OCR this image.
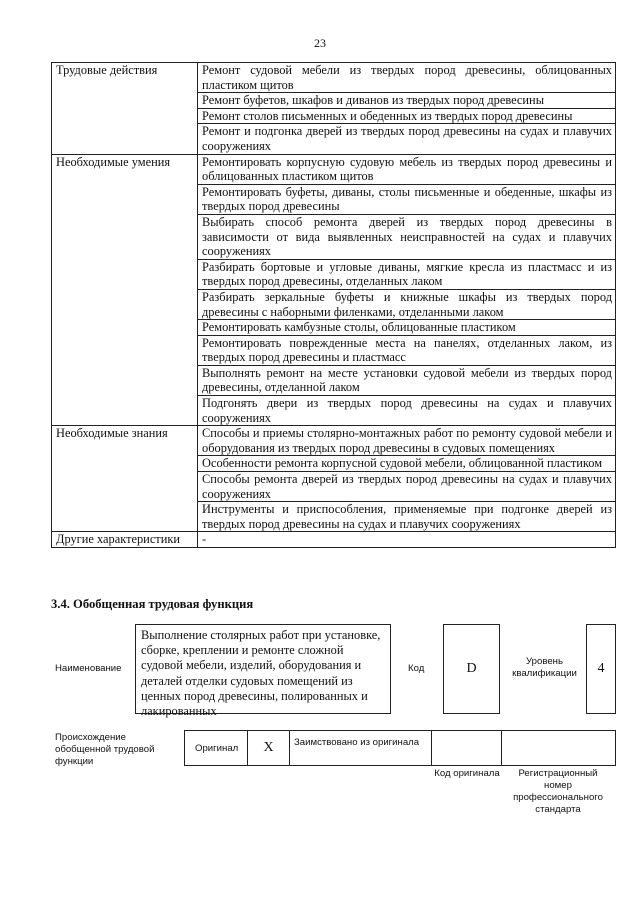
23
Трудовые действия	Ремонт судовой мебели из твердых пород древесины, облицованных пластиком щитов
	Ремонт буфетов, шкафов и диванов из твердых пород древесины
	Ремонт столов письменных и обеденных из твердых пород древесины
	Ремонт и подгонка дверей из твердых пород древесины на судах и плавучих сооружениях
Необходимые умения	Ремонтировать корпусную судовую мебель из твердых пород древесины и облицованных пластиком щитов
	Ремонтировать буфеты, диваны, столы письменные и обеденные, шкафы из твердых пород древесины
	Выбирать способ ремонта дверей из твердых пород древесины в зависимости от вида выявленных неисправностей на судах и плавучих сооружениях
	Разбирать бортовые и угловые диваны, мягкие кресла из пластмасс и из твердых пород древесины, отделанных лаком
	Разбирать зеркальные буфеты и книжные шкафы из твердых пород древесины с наборными филенками, отделанными лаком
	Ремонтировать камбузные столы, облицованные пластиком
	Ремонтировать поврежденные места на панелях, отделанных лаком, из твердых пород древесины и пластмасс
	Выполнять ремонт на месте установки судовой мебели из твердых пород древесины, отделанной лаком
	Подгонять двери из твердых пород древесины на судах и плавучих сооружениях
Необходимые знания	Способы и приемы столярно-монтажных работ по ремонту судовой мебели и оборудования из твердых пород древесины в судовых помещениях
	Особенности ремонта корпусной судовой мебели, облицованной пластиком
	Способы ремонта дверей из твердых пород древесины на судах и плавучих сооружениях
	Инструменты и приспособления, применяемые при подгонке дверей из твердых пород древесины на судах и плавучих сооружениях
Другие характеристики	-
3.4. Обобщенная трудовая функция
Наименование
Выполнение столярных работ при установке, сборке, креплении и ремонте сложной судовой мебели, изделий, оборудования и деталей отделки судовых помещений из ценных пород древесины, полированных и лакированных
Код	D	Уровень квалификации	4
Происхождение обобщенной трудовой функции
Оригинал	X	Заимствовано из оригинала
Код оригинала	Регистрационный номер профессионального стандарта
